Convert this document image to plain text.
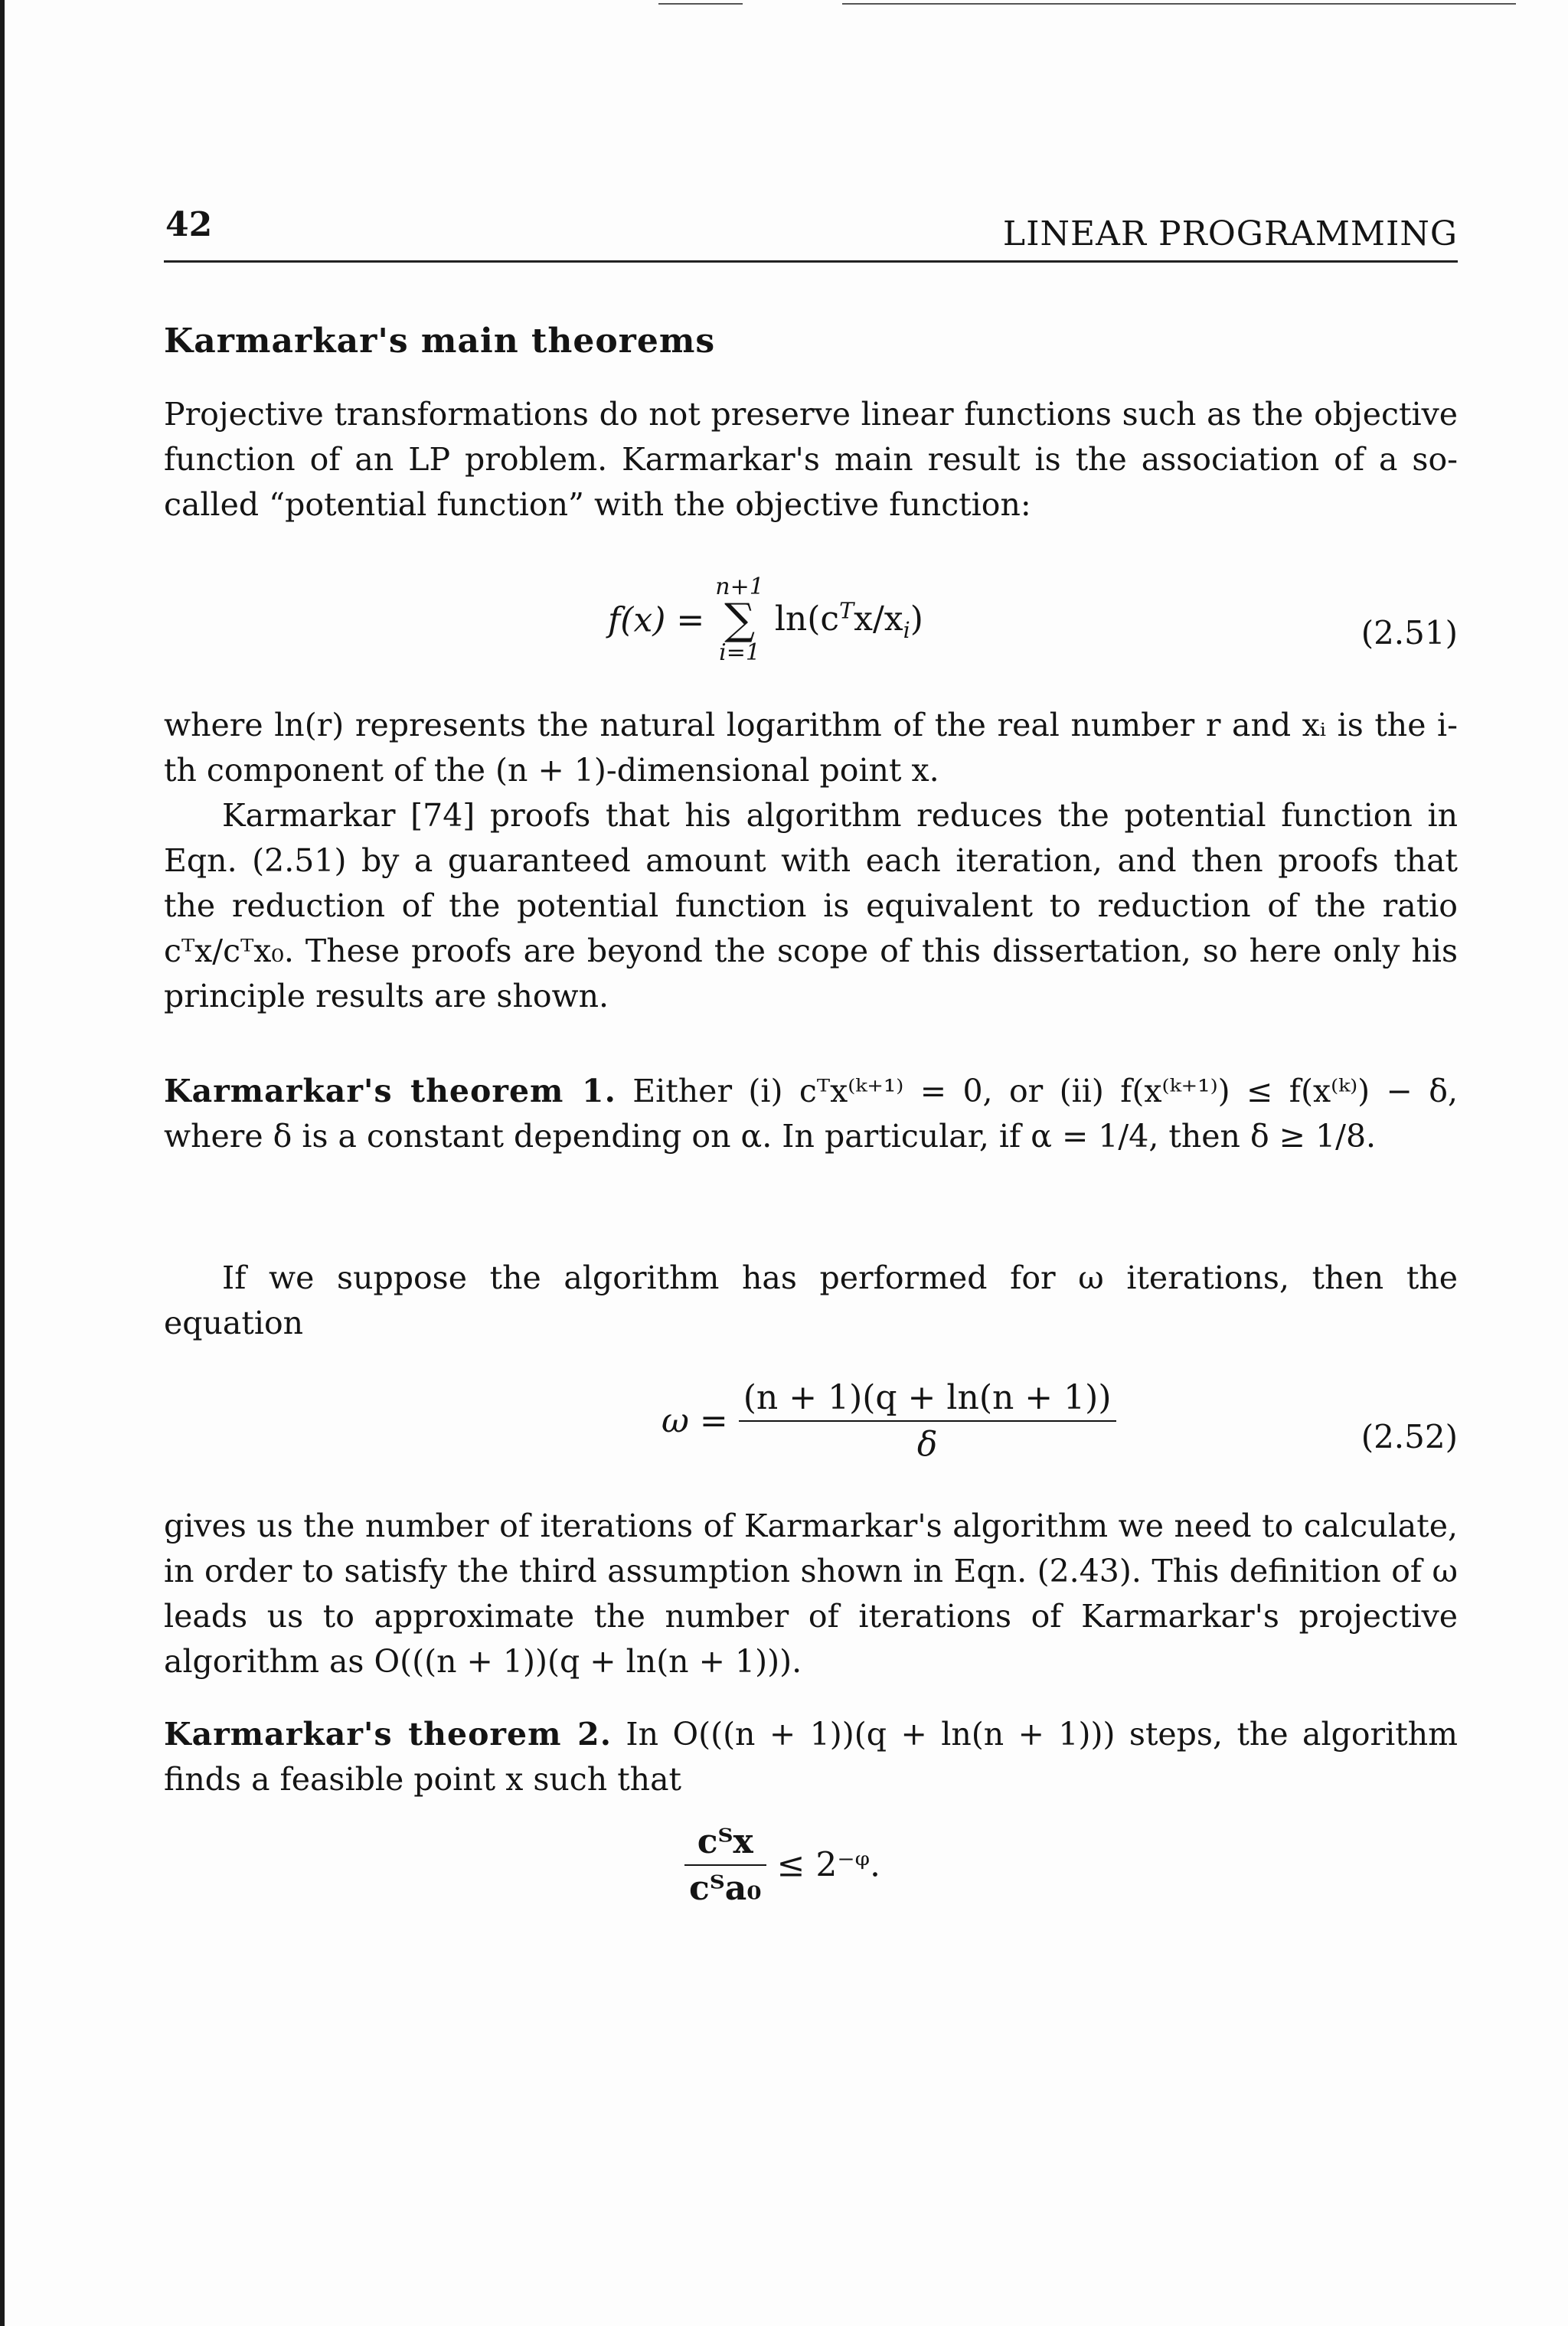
42	LINEAR PROGRAMMING
Karmarkar's main theorems
Projective transformations do not preserve linear functions such as the objective function of an LP problem. Karmarkar's main result is the association of a so-called “potential function” with the objective function:
f(x) =
n+1
∑
i=1
$\ln(c^Tx/x_i)$	(2.51)
where ln(r) represents the natural logarithm of the real number r and xᵢ is the i-th component of the (n + 1)-dimensional point x.
Karmarkar [74] proofs that his algorithm reduces the potential function in Eqn. (2.51) by a guaranteed amount with each iteration, and then proofs that the reduction of the potential function is equivalent to reduction of the ratio cᵀx/cᵀx₀. These proofs are beyond the scope of this dissertation, so here only his principle results are shown.
Karmarkar's theorem 1. Either (i) cᵀx⁽ᵏ⁺¹⁾ = 0, or (ii) f(x⁽ᵏ⁺¹⁾) ≤ f(x⁽ᵏ⁾) − δ, where δ is a constant depending on α. In particular, if α = 1/4, then δ ≥ 1/8.
If we suppose the algorithm has performed for ω iterations, then the equation
$\omega = \frac{(n + 1)(q + \ln(n + 1))}{\delta}$	(2.52)
gives us the number of iterations of Karmarkar's algorithm we need to calculate, in order to satisfy the third assumption shown in Eqn. (2.43). This definition of ω leads us to approximate the number of iterations of Karmarkar's projective algorithm as O(((n + 1))(q + ln(n + 1))).
Karmarkar's theorem 2. In O(((n + 1))(q + ln(n + 1))) steps, the algorithm finds a feasible point x such that
$\frac{\text{cᵀx}}{\text{cᵀa₀}}$ ≤ 2⁻ᵠ.
